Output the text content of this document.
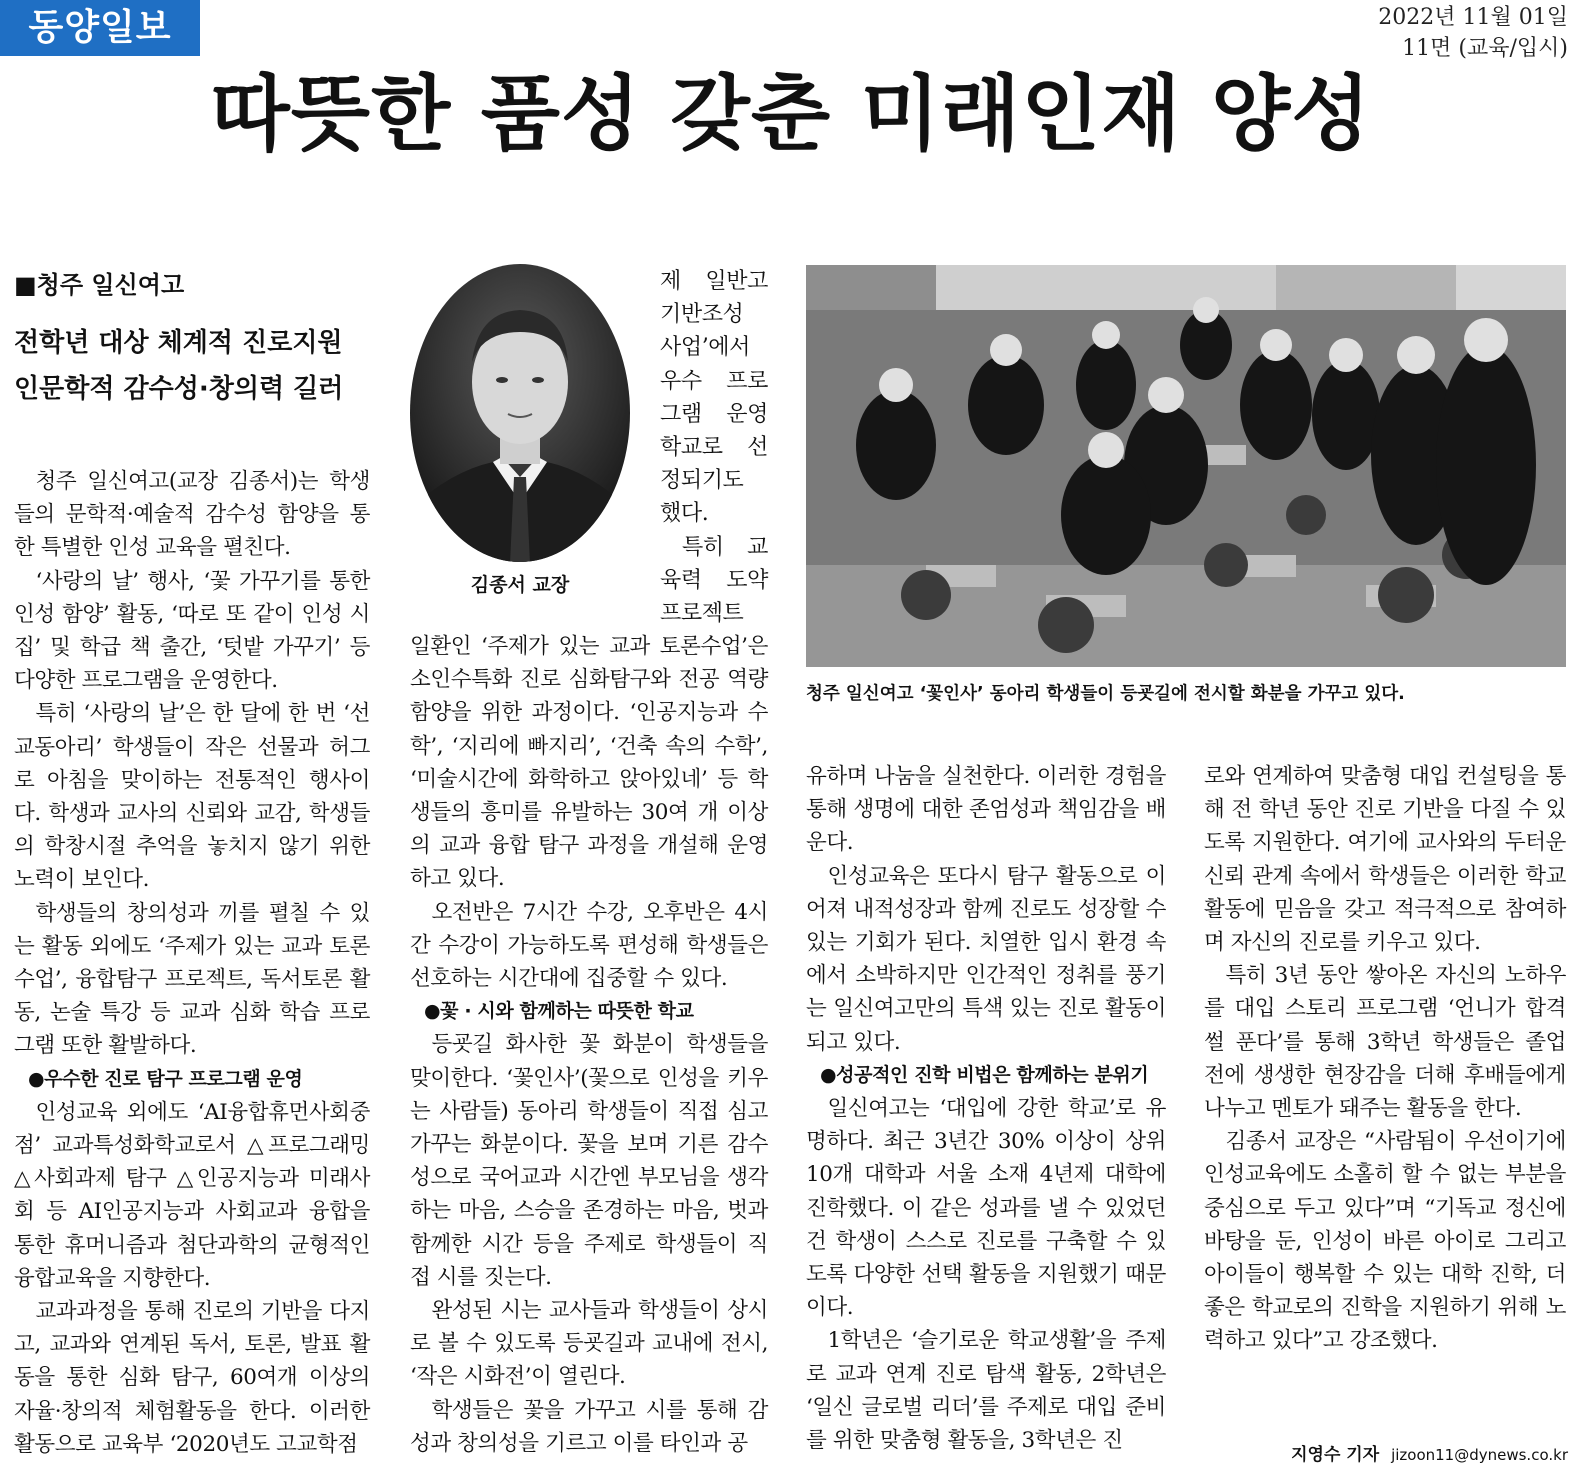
동양일보	2022년 11월 01일
11면 (교육/입시)
따뜻한 품성 갖춘 미래인재 양성
■청주 일신여고
전학년 대상 체계적 진로지원
인문학적 감수성·창의력 길러

청주 일신여고(교장 김종서)는 학생들의 문학적·예술적 감수성 함양을 통한 특별한 인성 교육을 펼친다.

‘사랑의 날’ 행사, ‘꽃 가꾸기를 통한 인성 함양’ 활동, ‘따로 또 같이 인성 시집’ 및 학급 책 출간, ‘텃밭 가꾸기’ 등 다양한 프로그램을 운영한다.

특히 ‘사랑의 날’은 한 달에 한 번 ‘선교동아리’ 학생들이 작은 선물과 허그로 아침을 맞이하는 전통적인 행사이다. 학생과 교사의 신뢰와 교감, 학생들의 학창시절 추억을 놓치지 않기 위한 노력이 보인다.

학생들의 창의성과 끼를 펼칠 수 있는 활동 외에도 ‘주제가 있는 교과 토론 수업’, 융합탐구 프로젝트, 독서토론 활동, 논술 특강 등 교과 심화 학습 프로그램 또한 활발하다.

●우수한 진로 탐구 프로그램 운영

인성교육 외에도 ‘AI융합휴먼사회중점’ 교과특성화학교로서 △프로그래밍 △사회과제 탐구 △인공지능과 미래사회 등 AI인공지능과 사회교과 융합을 통한 휴머니즘과 첨단과학의 균형적인 융합교육을 지향한다.

교과과정을 통해 진로의 기반을 다지고, 교과와 연계된 독서, 토론, 발표 활동을 통한 심화 탐구, 60여개 이상의 자율·창의적 체험활동을 한다. 이러한 활동으로 교육부 ‘2020년도 고교학점

김종서 교장
제 일반고 기반조성 사업’에서 우수 프로그램 운영 학교로 선정되기도 했다.
특히 교육력 도약 프로젝트
일환인 ‘주제가 있는 교과 토론수업’은 소인수특화 진로 심화탐구와 전공 역량 함양을 위한 과정이다. ‘인공지능과 수학’, ‘지리에 빠지리’, ‘건축 속의 수학’, ‘미술시간에 화학하고 앉아있네’ 등 학생들의 흥미를 유발하는 30여 개 이상의 교과 융합 탐구 과정을 개설해 운영하고 있다.

오전반은 7시간 수강, 오후반은 4시간 수강이 가능하도록 편성해 학생들은 선호하는 시간대에 집중할 수 있다.

●꽃 · 시와 함께하는 따뜻한 학교

등굣길 화사한 꽃 화분이 학생들을 맞이한다. ‘꽃인사’(꽃으로 인성을 키우는 사람들) 동아리 학생들이 직접 심고 가꾸는 화분이다. 꽃을 보며 기른 감수성으로 국어교과 시간엔 부모님을 생각하는 마음, 스승을 존경하는 마음, 벗과 함께한 시간 등을 주제로 학생들이 직접 시를 짓는다.

완성된 시는 교사들과 학생들이 상시로 볼 수 있도록 등굣길과 교내에 전시, ‘작은 시화전’이 열린다.

학생들은 꽃을 가꾸고 시를 통해 감성과 창의성을 기르고 이를 타인과 공

청주 일신여고 ‘꽃인사’ 동아리 학생들이 등굣길에 전시할 화분을 가꾸고 있다.
유하며 나눔을 실천한다. 이러한 경험을 통해 생명에 대한 존엄성과 책임감을 배운다.

인성교육은 또다시 탐구 활동으로 이어져 내적성장과 함께 진로도 성장할 수 있는 기회가 된다. 치열한 입시 환경 속에서 소박하지만 인간적인 정취를 풍기는 일신여고만의 특색 있는 진로 활동이 되고 있다.

●성공적인 진학 비법은 함께하는 분위기

일신여고는 ‘대입에 강한 학교’로 유명하다. 최근 3년간 30% 이상이 상위 10개 대학과 서울 소재 4년제 대학에 진학했다. 이 같은 성과를 낼 수 있었던 건 학생이 스스로 진로를 구축할 수 있도록 다양한 선택 활동을 지원했기 때문이다.

1학년은 ‘슬기로운 학교생활’을 주제로 교과 연계 진로 탐색 활동, 2학년은 ‘일신 글로벌 리더’를 주제로 대입 준비를 위한 맞춤형 활동을, 3학년은 진

로와 연계하여 맞춤형 대입 컨설팅을 통해 전 학년 동안 진로 기반을 다질 수 있도록 지원한다. 여기에 교사와의 두터운 신뢰 관계 속에서 학생들은 이러한 학교 활동에 믿음을 갖고 적극적으로 참여하며 자신의 진로를 키우고 있다.

특히 3년 동안 쌓아온 자신의 노하우를 대입 스토리 프로그램 ‘언니가 합격썰 푼다’를 통해 3학년 학생들은 졸업 전에 생생한 현장감을 더해 후배들에게 나누고 멘토가 돼주는 활동을 한다.

김종서 교장은 “사람됨이 우선이기에 인성교육에도 소홀히 할 수 없는 부분을 중심으로 두고 있다”며 “기독교 정신에 바탕을 둔, 인성이 바른 아이로 그리고 아이들이 행복할 수 있는 대학 진학, 더 좋은 학교로의 진학을 지원하기 위해 노력하고 있다”고 강조했다.

지영수 기자 jizoon11@dynews.co.kr
